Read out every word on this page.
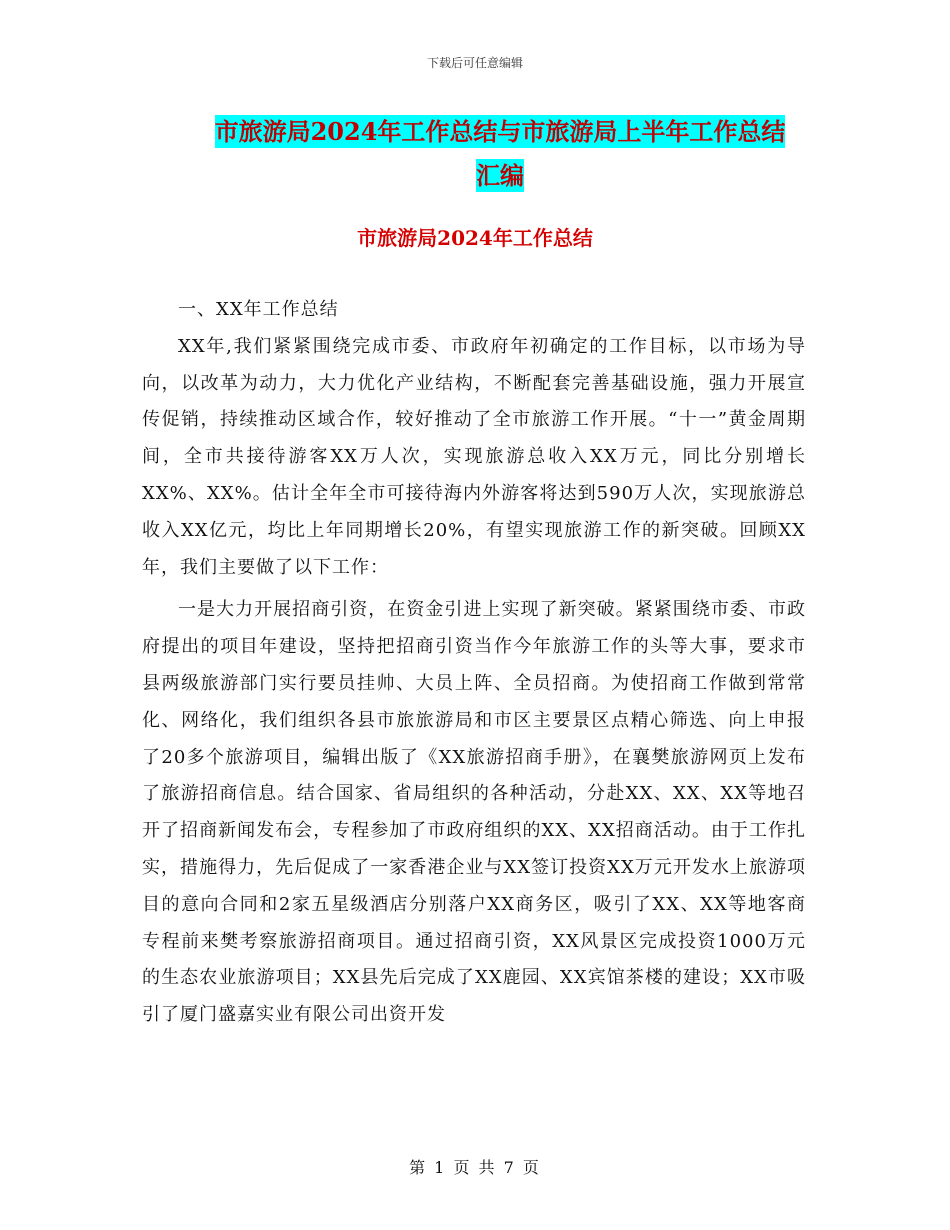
下载后可任意编辑
市旅游局2024年工作总结与市旅游局上半年工作总结
汇编
市旅游局2024年工作总结

一、XX年工作总结

XX年,我们紧紧围绕完成市委、市政府年初确定的工作目标，以市场为导向，以改革为动力，大力优化产业结构，不断配套完善基础设施，强力开展宣传促销，持续推动区域合作，较好推动了全市旅游工作开展。“十一”黄金周期间，全市共接待游客XX万人次，实现旅游总收入XX万元，同比分别增长XX%、XX%。估计全年全市可接待海内外游客将达到590万人次，实现旅游总收入XX亿元，均比上年同期增长20%，有望实现旅游工作的新突破。回顾XX年，我们主要做了以下工作：

一是大力开展招商引资，在资金引进上实现了新突破。紧紧围绕市委、市政府提出的项目年建设，坚持把招商引资当作今年旅游工作的头等大事，要求市县两级旅游部门实行要员挂帅、大员上阵、全员招商。为使招商工作做到常常化、网络化，我们组织各县市旅旅游局和市区主要景区点精心筛选、向上申报了20多个旅游项目，编辑出版了《XX旅游招商手册》，在襄樊旅游网页上发布了旅游招商信息。结合国家、省局组织的各种活动，分赴XX、XX、XX等地召开了招商新闻发布会，专程参加了市政府组织的XX、XX招商活动。由于工作扎实，措施得力，先后促成了一家香港企业与XX签订投资XX万元开发水上旅游项目的意向合同和2家五星级酒店分别落户XX商务区，吸引了XX、XX等地客商专程前来樊考察旅游招商项目。通过招商引资，XX风景区完成投资1000万元的生态农业旅游项目；XX县先后完成了XX鹿园、XX宾馆茶楼的建设；XX市吸引了厦门盛嘉实业有限公司出资开发

第 1 页 共 7 页
